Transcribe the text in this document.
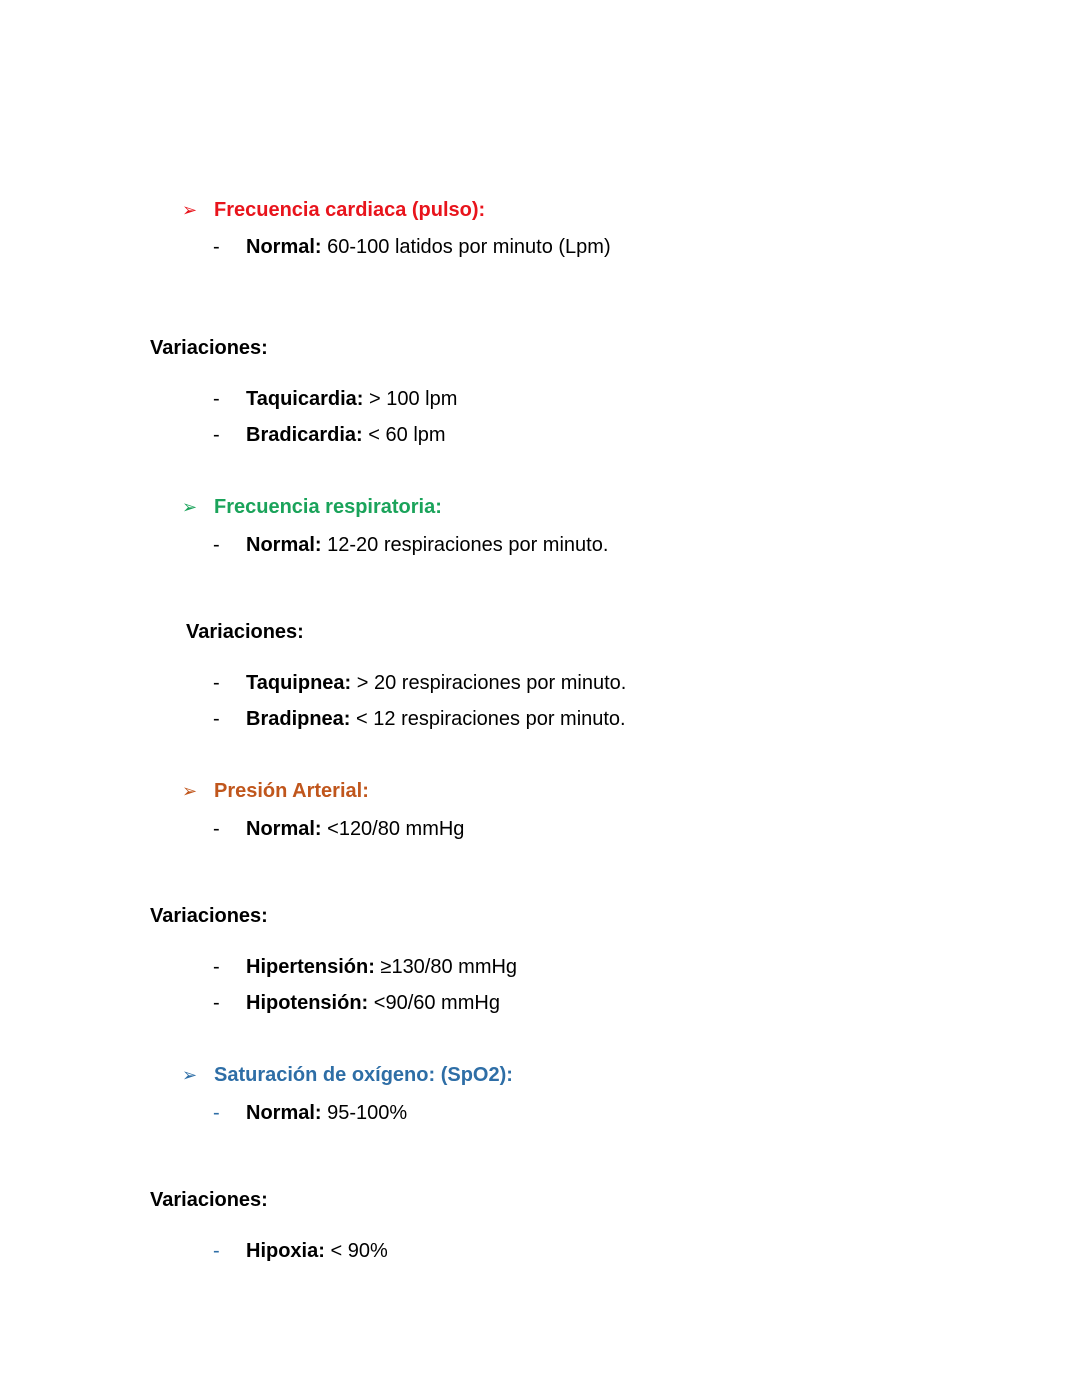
➢ Frecuencia cardiaca (pulso):
- Normal: 60-100 latidos por minuto (Lpm)
Variaciones:
- Taquicardia: > 100 lpm
- Bradicardia: < 60 lpm
➢ Frecuencia respiratoria:
- Normal: 12-20 respiraciones por minuto.
Variaciones:
- Taquipnea: > 20 respiraciones por minuto.
- Bradipnea: < 12 respiraciones por minuto.
➢ Presión Arterial:
- Normal: <120/80 mmHg
Variaciones:
- Hipertensión: ≥130/80 mmHg
- Hipotensión: <90/60 mmHg
➢ Saturación de oxígeno: (SpO2):
- Normal: 95-100%
Variaciones:
- Hipoxia: < 90%
